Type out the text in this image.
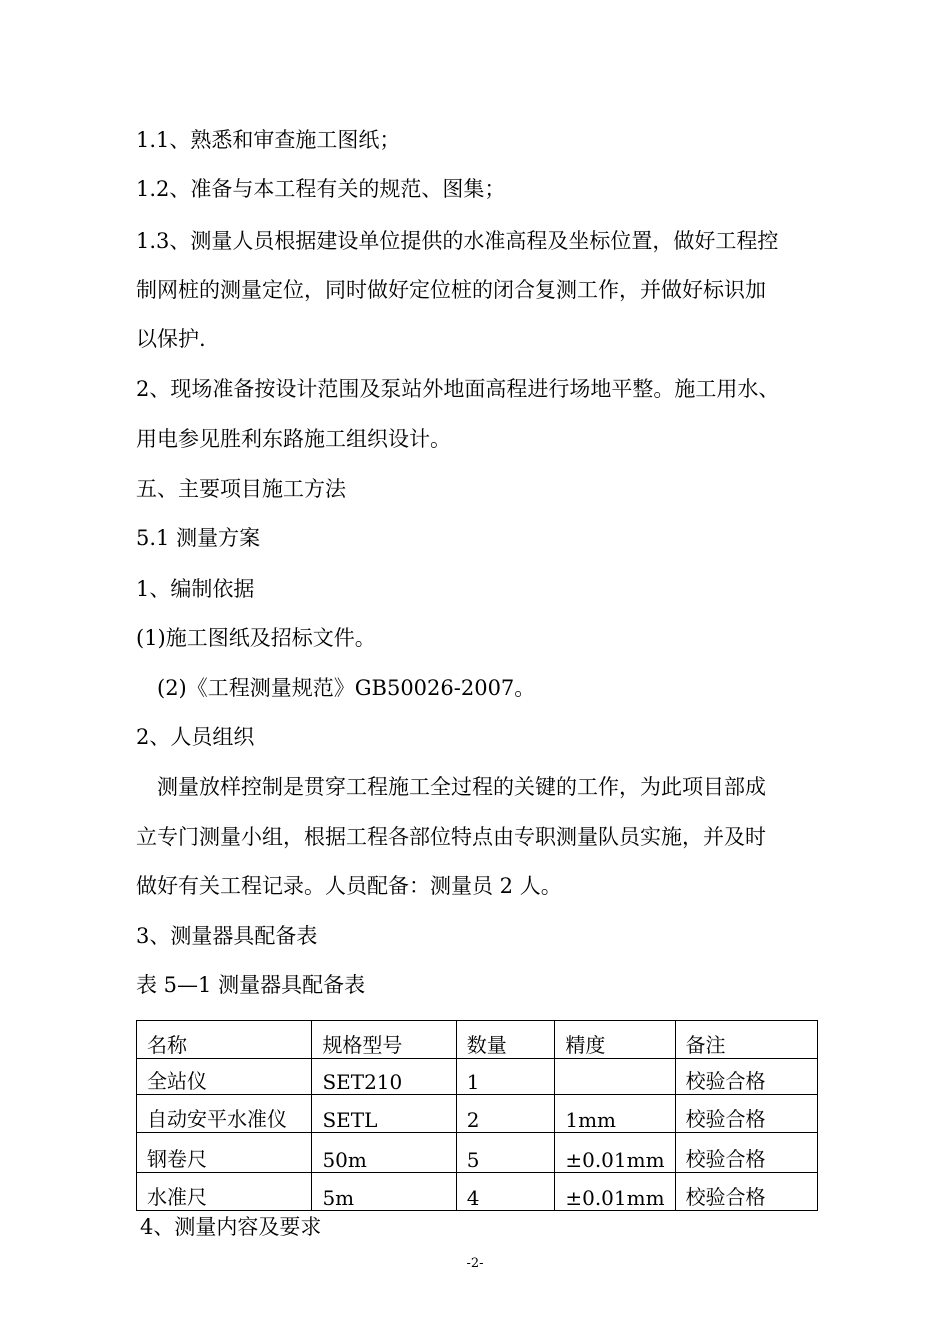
1.1、熟悉和审查施工图纸；
1.2、准备与本工程有关的规范、图集；
1.3、测量人员根据建设单位提供的水准高程及坐标位置，做好工程控
制网桩的测量定位，同时做好定位桩的闭合复测工作，并做好标识加
以保护.
2、现场准备按设计范围及泵站外地面高程进行场地平整。施工用水、
用电参见胜利东路施工组织设计。
五、主要项目施工方法
5.1 测量方案
1、编制依据
(1)施工图纸及招标文件。
(2)《工程测量规范》GB50026-2007。
2、人员组织
测量放样控制是贯穿工程施工全过程的关键的工作，为此项目部成
立专门测量小组，根据工程各部位特点由专职测量队员实施，并及时
做好有关工程记录。人员配备：测量员 2 人。
3、测量器具配备表
表 5—1 测量器具配备表
名称	规格型号	数量	精度	备注
全站仪	SET210	1		校验合格
自动安平水准仪	SETL	2	1mm	校验合格
钢卷尺	50m	5	±0.01mm	校验合格
水准尺	5m	4	±0.01mm	校验合格
4、测量内容及要求
-2-
